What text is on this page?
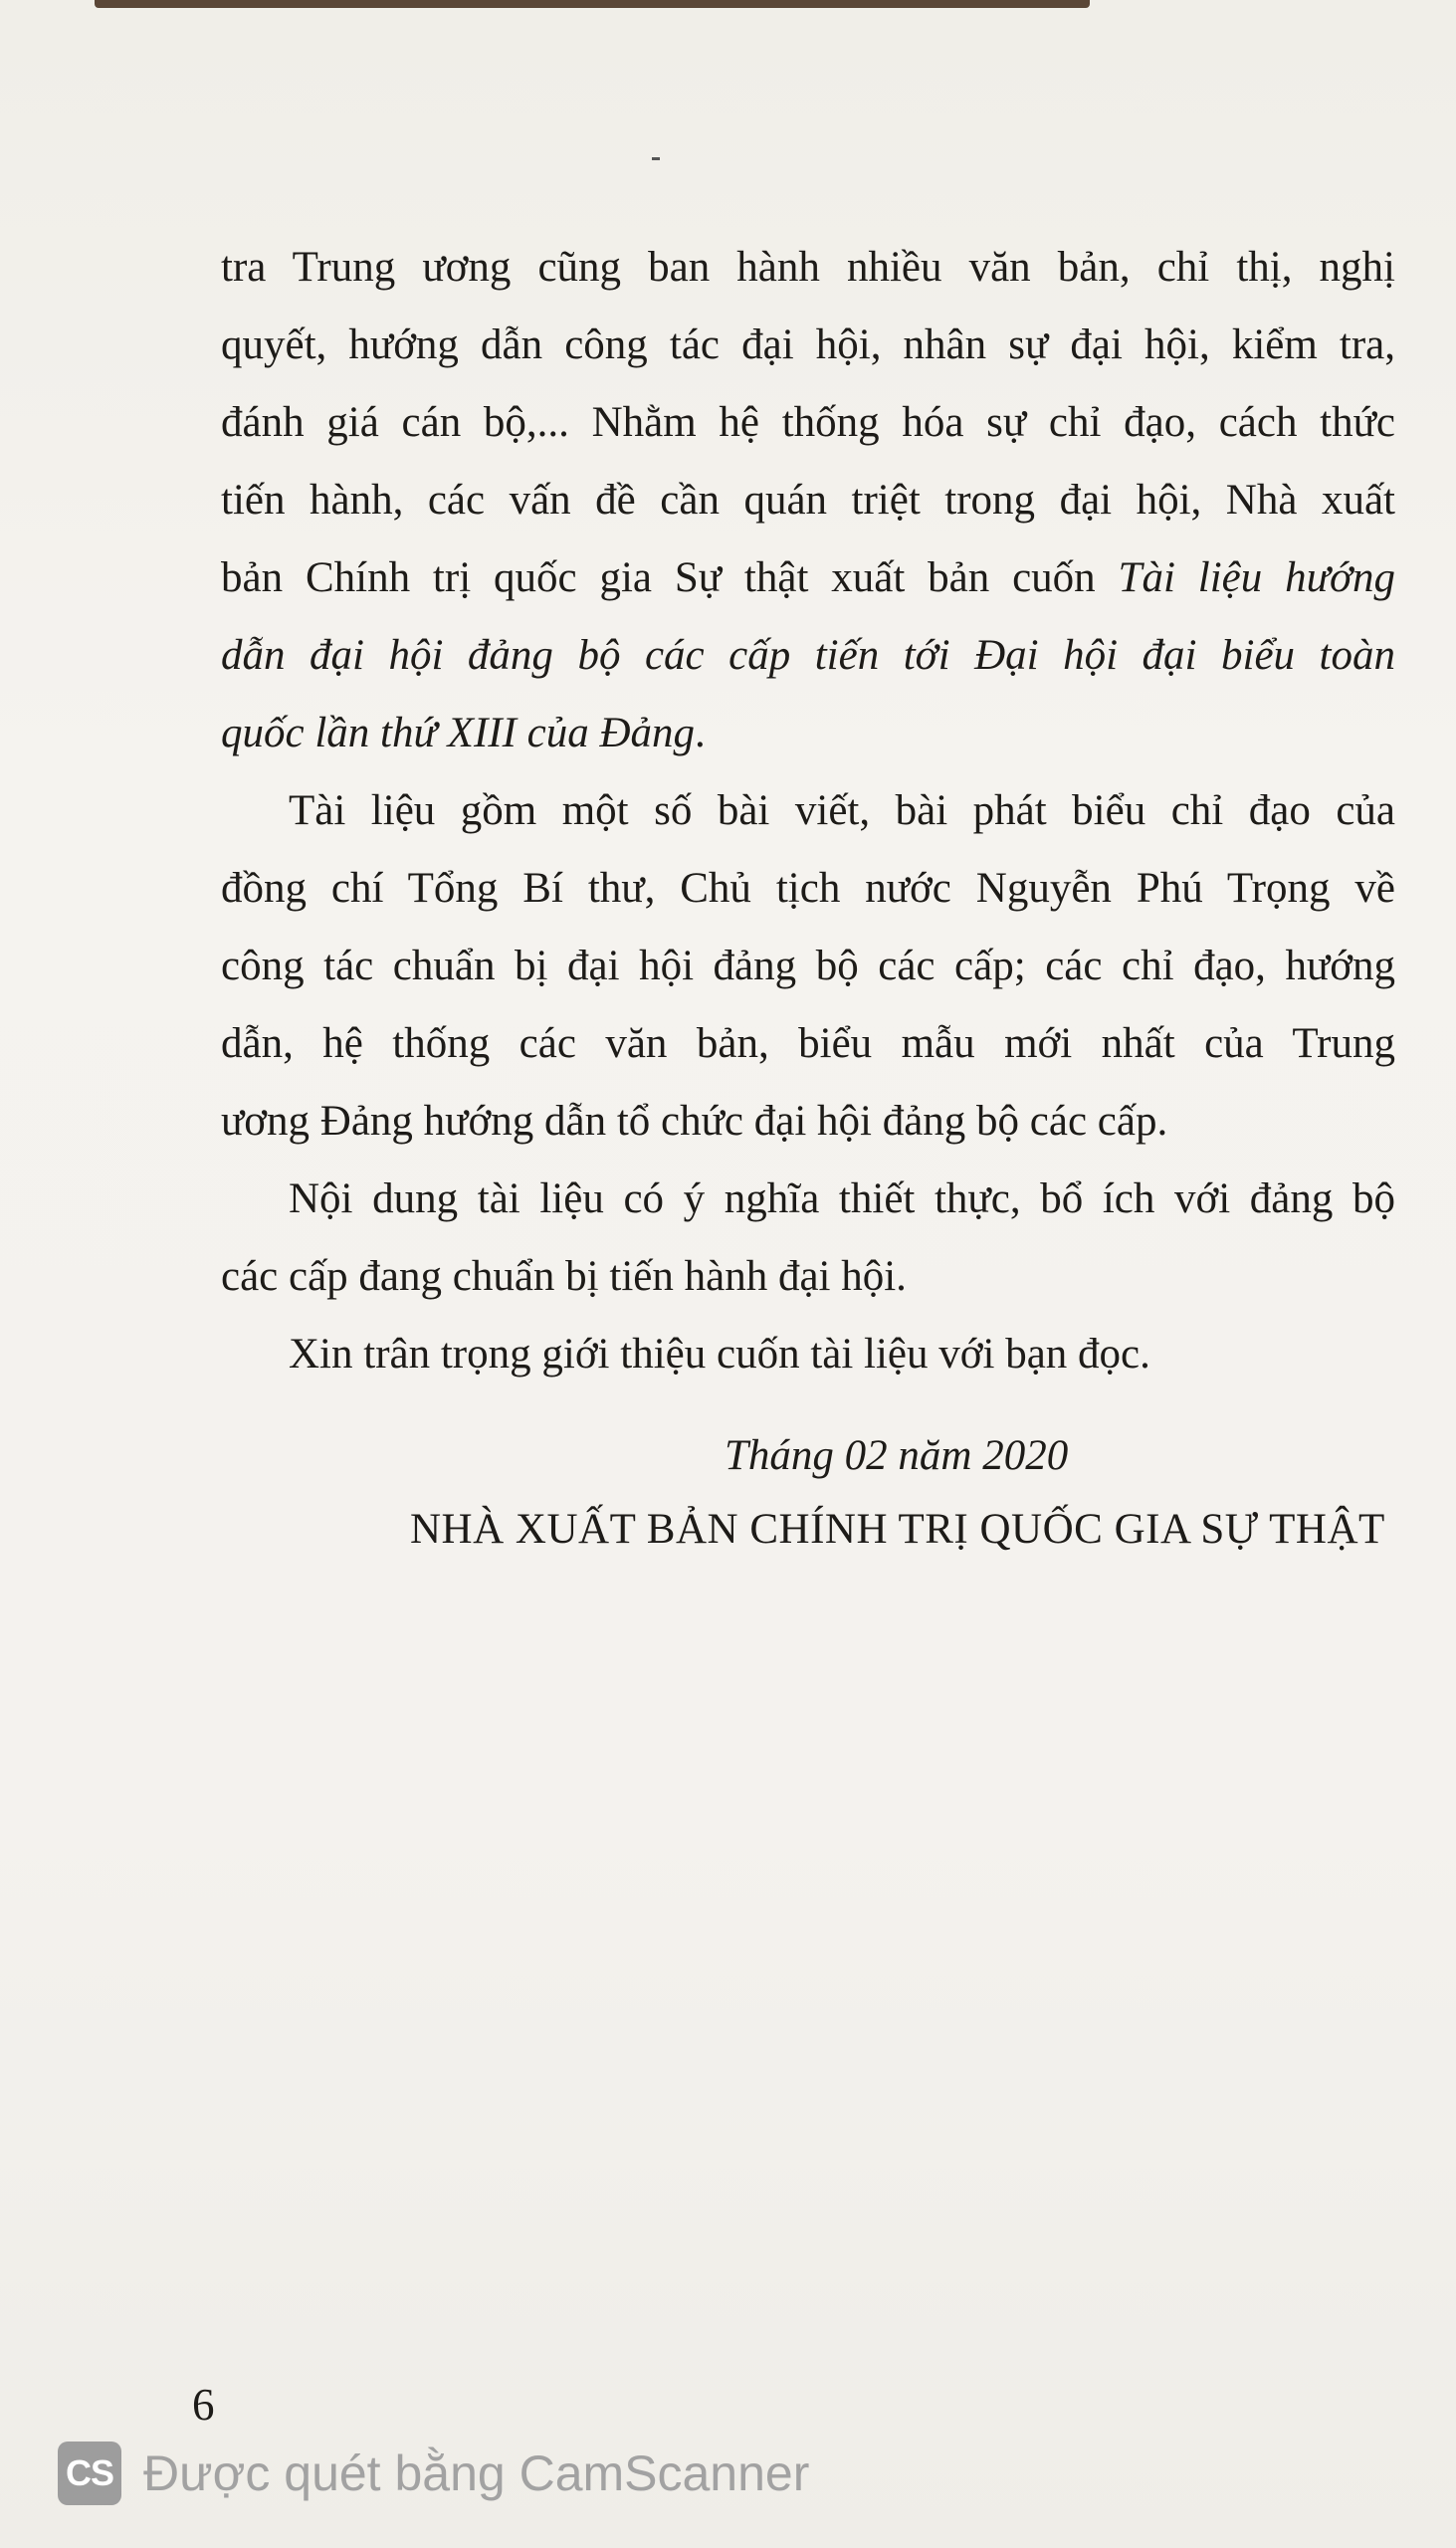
tra Trung ương cũng ban hành nhiều văn bản, chỉ thị, nghị
quyết, hướng dẫn công tác đại hội, nhân sự đại hội, kiểm tra,
đánh giá cán bộ,... Nhằm hệ thống hóa sự chỉ đạo, cách thức
tiến hành, các vấn đề cần quán triệt trong đại hội, Nhà xuất
bản Chính trị quốc gia Sự thật xuất bản cuốn Tài liệu hướng
dẫn đại hội đảng bộ các cấp tiến tới Đại hội đại biểu toàn
quốc lần thứ XIII của Đảng.

Tài liệu gồm một số bài viết, bài phát biểu chỉ đạo của
đồng chí Tổng Bí thư, Chủ tịch nước Nguyễn Phú Trọng về
công tác chuẩn bị đại hội đảng bộ các cấp; các chỉ đạo, hướng
dẫn, hệ thống các văn bản, biểu mẫu mới nhất của Trung
ương Đảng hướng dẫn tổ chức đại hội đảng bộ các cấp.

Nội dung tài liệu có ý nghĩa thiết thực, bổ ích với đảng bộ
các cấp đang chuẩn bị tiến hành đại hội.

Xin trân trọng giới thiệu cuốn tài liệu với bạn đọc.

Tháng 02 năm 2020
NHÀ XUẤT BẢN CHÍNH TRỊ QUỐC GIA SỰ THẬT
6
CS Được quét bằng CamScanner
